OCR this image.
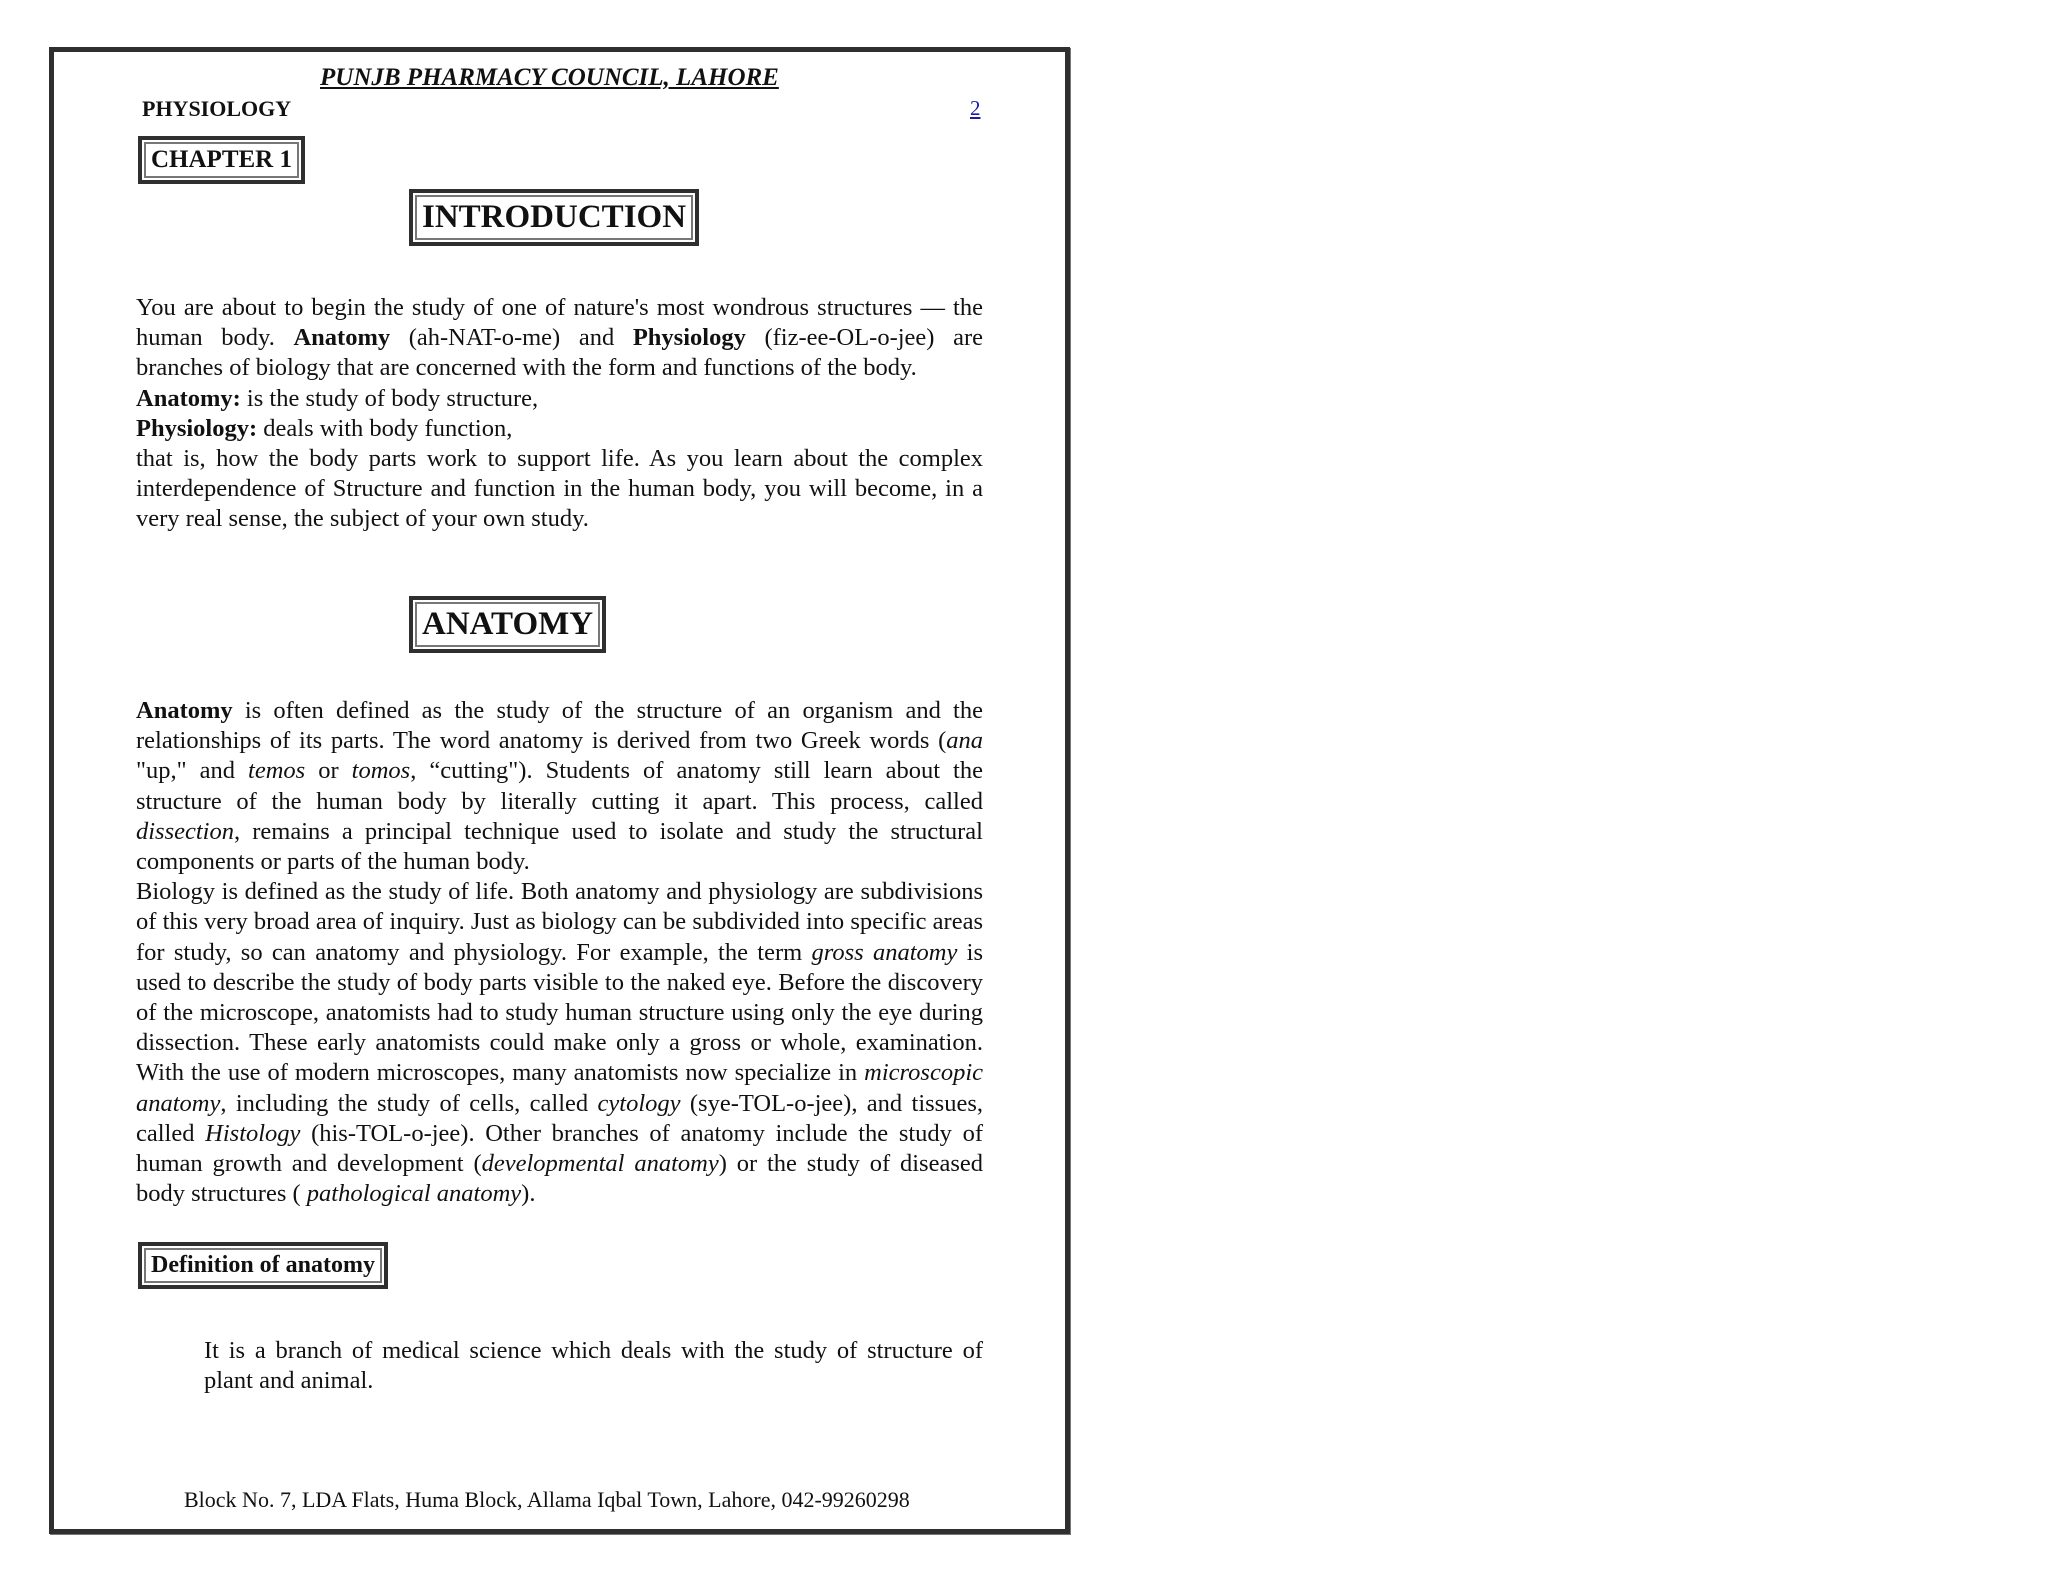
PUNJB PHARMACY COUNCIL, LAHORE
PHYSIOLOGY	2
CHAPTER 1
INTRODUCTION
You are about to begin the study of one of nature's most wondrous structures — the human body. Anatomy (ah-NAT-o-me) and Physiology (fiz-ee-OL-o-jee) are branches of biology that are concerned with the form and functions of the body.
Anatomy: is the study of body structure,
Physiology: deals with body function,
that is, how the body parts work to support life. As you learn about the complex interdependence of Structure and function in the human body, you will become, in a very real sense, the subject of your own study.
ANATOMY
Anatomy is often defined as the study of the structure of an organism and the relationships of its parts. The word anatomy is derived from two Greek words (ana "up," and temos or tomos, “cutting"). Students of anatomy still learn about the structure of the human body by literally cutting it apart. This process, called dissection, remains a principal technique used to isolate and study the structural components or parts of the human body.
Biology is defined as the study of life. Both anatomy and physiology are subdivisions of this very broad area of inquiry. Just as biology can be subdivided into specific areas for study, so can anatomy and physiology. For example, the term gross anatomy is used to describe the study of body parts visible to the naked eye. Before the discovery of the microscope, anatomists had to study human structure using only the eye during dissection. These early anatomists could make only a gross or whole, examination. With the use of modern microscopes, many anatomists now specialize in microscopic anatomy, including the study of cells, called cytology (sye-TOL-o-jee), and tissues, called Histology (his-TOL-o-jee). Other branches of anatomy include the study of human growth and development (developmental anatomy) or the study of diseased body structures ( pathological anatomy).
Definition of anatomy
It is a branch of medical science which deals with the study of structure of plant and animal.
Block No. 7, LDA Flats, Huma Block, Allama Iqbal Town, Lahore, 042-99260298
